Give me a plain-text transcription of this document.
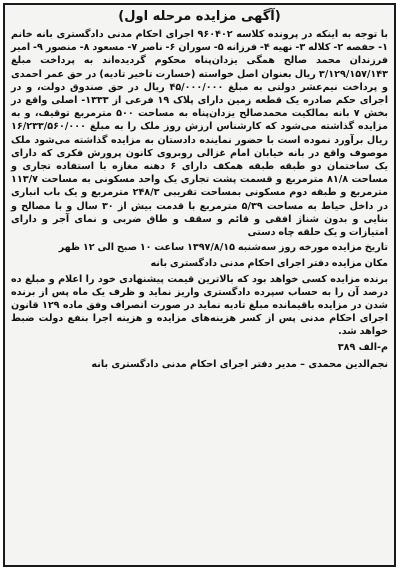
(آگهی مزایده مرحله اول)
با توجه به اینکه در پرونده کلاسه ۹۶۰۴۰۲ اجرای احکام مدنی دادگستری بانه خانم ۱- حفصه ۲- کلاله ۳- نهیه ۴- فرزانه ۵- سوران ۶- ناصر ۷- مسعود ۸- منصور ۹- امیر فرزندان محمد صالح همگی یزدان‌پناه محکوم گردیده‌اند به پرداخت مبلغ ۳/۱۲۹/۱۵۷/۱۴۳ ریال بعنوان اصل خواسته (خسارت تاخیر تادیه) در حق عمر احمدی و پرداخت نیم‌عشر دولتی به مبلغ ۴۵/۰۰۰/۰۰۰ ریال در حق صندوق دولت، و در اجرای حکم صادره یک قطعه زمین دارای پلاک ۱۹ فرعی از ۱۳۳۳- اصلی واقع در بخش ۷ بانه بمالکیت محمدصالح یزدان‌پناه به مساحت ۵۰۰ مترمربع توقیف، و به مزایده گذاشته می‌شود که کارشناس ارزش روز ملک را به مبلغ ۱۶/۲۳۳/۵۶۰/۰۰۰ ریال برآورد نموده است با حضور نماینده دادستان به مزایده گذاشته می‌شود ملک موصوف واقع در بانه خیابان امام غزالی روبروی کانون پرورش فکری که دارای یک ساختمان دو طبقه طبقه همکف دارای ۶ دهنه مغازه با استفاده تجاری و مساحت ۸۱/۸ مترمربع و قسمت پشت تجاری یک واحد مسکونی به مساحت ۱۱۳/۷ مترمربع و طبقه دوم مسکونی بمساحت تقریبی ۲۴۸/۳ مترمربع و یک باب انباری در داخل حیاط به مساحت ۵/۳۹ مترمربع با قدمت بیش از ۳۰ سال و با مصالح و بنایی و بدون شناژ افقی و قائم و سقف و طاق ضربی و نمای آجر و دارای امتیازات و یک حلقه چاه دستی
تاریخ مزایده مورخه روز سه‌شنبه ۱۳۹۷/۸/۱۵ ساعت ۱۰ صبح الی ۱۲ ظهر
مکان مزایده دفتر اجرای احکام مدنی دادگستری بانه
برنده مزایده کسی خواهد بود که بالاترین قیمت پیشنهادی خود را اعلام و مبلغ ده درصد آن را به حساب سپرده دادگستری واریز نماید و ظرف یک ماه پس از برنده شدن در مزایده باقیمانده مبلغ تادیه نماید در صورت انصراف وفق ماده ۱۲۹ قانون اجرای احکام مدنی پس از کسر هزینه‌های مزایده و هزینه اجرا بنفع دولت ضبط خواهد شد.
م-الف ۳۸۹
نجم‌الدین محمدی – مدیر دفتر اجرای احکام مدنی دادگستری بانه
